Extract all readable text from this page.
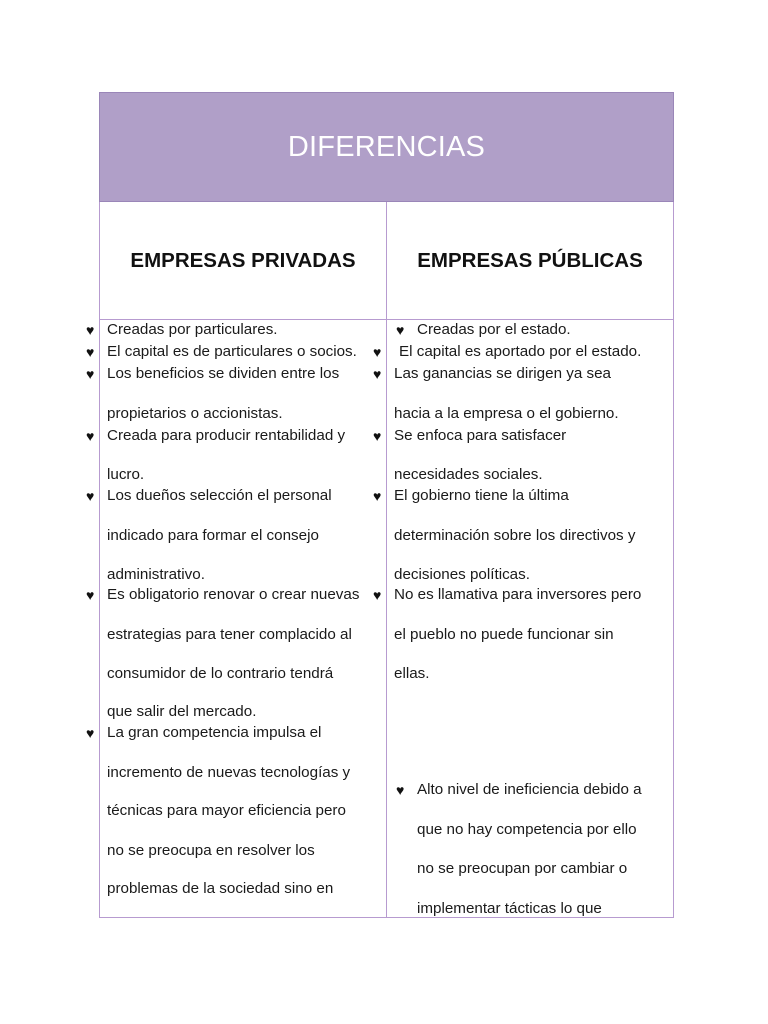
DIFERENCIAS
EMPRESAS PRIVADAS	EMPRESAS PÚBLICAS
♥ Creadas por particulares.
♥ El capital es de particulares o socios.
♥ Los beneficios se dividen entre los
propietarios o accionistas.
♥ Creada para producir rentabilidad y
lucro.
♥ Los dueños selección el personal
indicado para formar el consejo
administrativo.
♥ Es obligatorio renovar o crear nuevas
estrategias para tener complacido al
consumidor de lo contrario tendrá
que salir del mercado.
♥ La gran competencia impulsa el
incremento de nuevas tecnologías y
técnicas para mayor eficiencia pero
no se preocupa en resolver los
problemas de la sociedad sino en
♥ Creadas por el estado.
♥ El capital es aportado por el estado.
♥ Las ganancias se dirigen ya sea
hacia a la empresa o el gobierno.
♥ Se enfoca para satisfacer
necesidades sociales.
♥ El gobierno tiene la última
determinación sobre los directivos y
decisiones políticas.
♥ No es llamativa para inversores pero
el pueblo no puede funcionar sin
ellas.
♥ Alto nivel de ineficiencia debido a
que no hay competencia por ello
no se preocupan por cambiar o
implementar tácticas lo que
